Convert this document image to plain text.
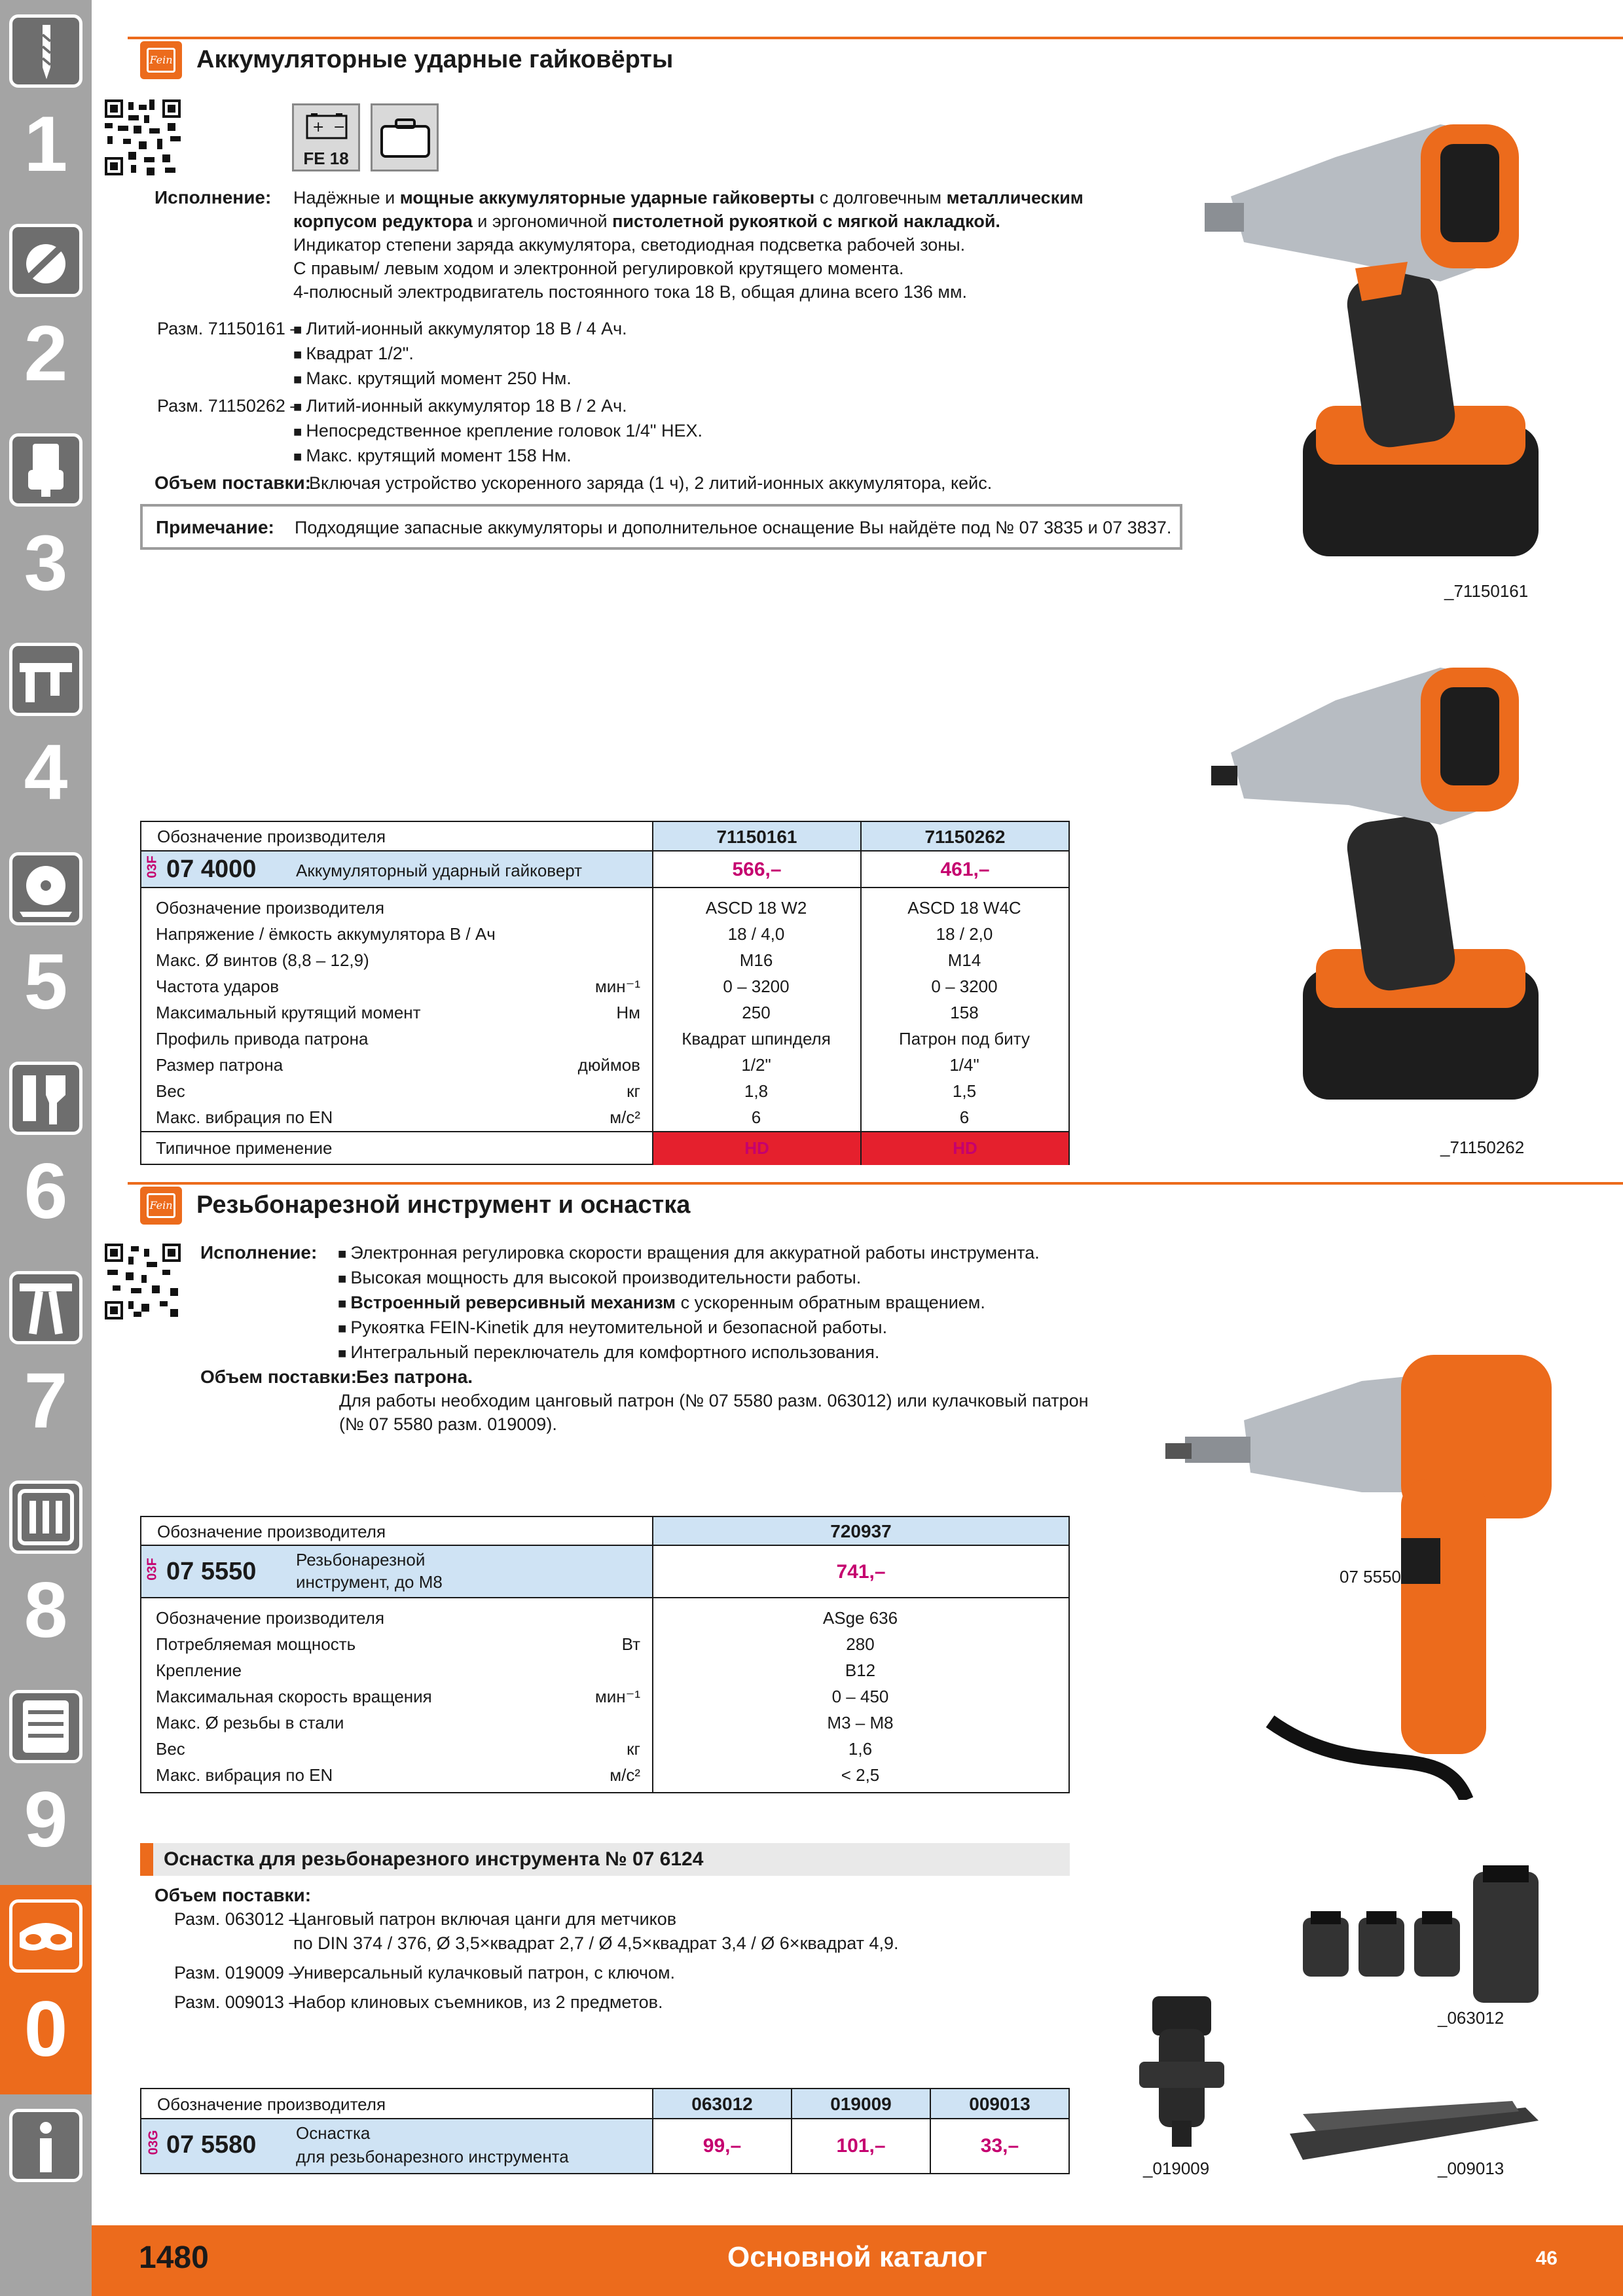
1
2
3
4
5
6
7
8
9
0
Fein Аккумуляторные ударные гайковёрты
+ −
FE 18
Исполнение: Надёжные и мощные аккумуляторные ударные гайковерты с долговечным металлическим
корпусом редуктора и эргономичной пистолетной рукояткой с мягкой накладкой.
Индикатор степени заряда аккумулятора, светодиодная подсветка рабочей зоны.
С правым/ левым ходом и электронной регулировкой крутящего момента.
4-полюсный электродвигатель постоянного тока 18 В, общая длина всего 136 мм.
Разм. 71150161 – ■ Литий-ионный аккумулятор 18 В / 4 Ач.
■ Квадрат 1/2".
■ Макс. крутящий момент 250 Нм.
Разм. 71150262 – ■ Литий-ионный аккумулятор 18 В / 2 Ач.
■ Непосредственное крепление головок 1/4" HEX.
■ Макс. крутящий момент 158 Нм.
Объем поставки:
Включая устройство ускоренного заряда (1 ч), 2 литий-ионных аккумулятора, кейс.
Примечание: Подходящие запасные аккумуляторы и дополнительное оснащение Вы найдёте под № 07 3835 и 07 3837.
_71150161
_71150262
Обозначение производителя	71150161	71150262
03F 07 4000 Аккумуляторный ударный гайковерт	566,–	461,–
Обозначение производителя	ASCD 18 W2	ASCD 18 W4C
Напряжение / ёмкость аккумулятора В / Ач	18 / 4,0	18 / 2,0
Макс. Ø винтов (8,8 – 12,9)	M16	M14
Частота ударов	мин⁻¹	0 – 3200	0 – 3200
Максимальный крутящий момент	Нм	250	158
Профиль привода патрона	Квадрат шпинделя	Патрон под биту
Размер патрона	дюймов	1/2"	1/4"
Вес	кг	1,8	1,5
Макс. вибрация по EN	м/с²	6	6
Типичное применение	HD	HD
Fein Резьбонарезной инструмент и оснастка
Исполнение:	■ Электронная регулировка скорости вращения для аккуратной работы инструмента.
■ Высокая мощность для высокой производительности работы.
■ Встроенный реверсивный механизм с ускоренным обратным вращением.
■ Рукоятка FEIN-Kinetik для неутомительной и безопасной работы.
■ Интегральный переключатель для комфортного использования.
Объем поставки:
Без патрона.
Для работы необходим цанговый патрон (№ 07 5580 разм. 063012) или кулачковый патрон
(№ 07 5580 разм. 019009).
07 5550
Обозначение производителя	720937
03F 07 5550 Резьбонарезной
инструмент, до M8	741,–
Обозначение производителя	ASge 636
Потребляемая мощность	Вт	280
Крепление	B12
Максимальная скорость вращения	мин⁻¹	0 – 450
Макс. Ø резьбы в стали	M3 – M8
Вес	кг	1,6
Макс. вибрация по EN	м/с²	< 2,5
Оснастка для резьбонарезного инструмента № 07 6124
Объем поставки:
Разм. 063012 –
Цанговый патрон включая цанги для метчиков
по DIN 374 / 376, Ø 3,5×квадрат 2,7 / Ø 4,5×квадрат 3,4 / Ø 6×квадрат 4,9.
Разм. 019009 –
Универсальный кулачковый патрон, с ключом.
Разм. 009013 –
Набор клиновых съемников, из 2 предметов.
_063012
_019009	_009013
Обозначение производителя	063012	019009	009013
03G 07 5580 Оснастка
для резьбонарезного инструмента	99,–	101,–	33,–
1480	Основной каталог	46
